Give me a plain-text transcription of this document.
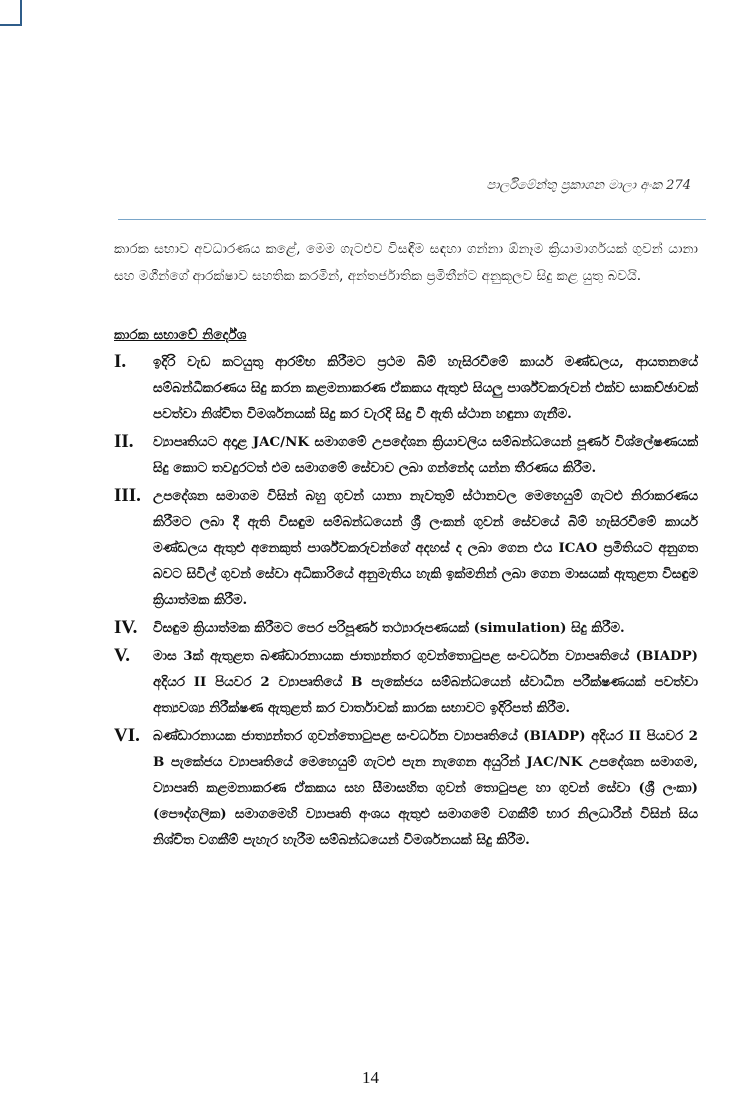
පාර්ලිමේන්තු ප්‍රකාශන මාලා අංක 274

කාරක සභාව අවධාරණය කළේ, මෙම ගැටළුව විසඳීම සඳහා ගන්නා ඕනෑම ක්‍රියාමාර්ගයක් ගුවන් යානා සහ මගීන්ගේ ආරක්ෂාව සහතික කරමින්, අන්තර්ජාතික ප්‍රමිතීන්ට අනුකූලව සිදු කළ යුතු බවයි.

කාරක සභාවේ නිර්දේශ
I.	ඉදිරි වැඩ කටයුතු ආරම්භ කිරීමට ප්‍රථම බිම් හැසිරවීමේ කාර්ය මණ්ඩලය, ආයතනයේ සම්බන්ධීකරණය සිදු කරන කළමනාකරණ ඒකකය ඇතුළු සියලු පාර්ශ්වකරුවන් එක්ව සාකච්ඡාවක් පවත්වා නිශ්චිත විමර්ශනයක් සිදු කර වැරදි සිදු වී ඇති ස්ථාන හඳුනා ගැනීම.
II.	ව්‍යාපෘතියට අදාළ JAC/NK සමාගමේ උපදේශන ක්‍රියාවලිය සම්බන්ධයෙන් පූර්ණ විශ්ලේෂණයක් සිදු කොට තවදුරටත් එම සමාගමේ සේවාව ලබා ගන්නේද යන්න තීරණය කිරීම.
III. උපදේශන සමාගම විසින් බහු ගුවන් යානා නැවතුම් ස්ථානවල මෙහෙයුම් ගැටළු නිරාකරණය කිරීමට ලබා දී ඇති විසඳුම සම්බන්ධයෙන් ශ්‍රී ලංකන් ගුවන් සේවයේ බිම් හැසිරවීමේ කාර්ය මණ්ඩලය ඇතුළු අනෙකුත් පාර්ශ්වකරුවන්ගේ අදහස් ද ලබා ගෙන එය ICAO ප්‍රමිතියට අනුගත බවට සිවිල් ගුවන් සේවා අධිකාරියේ අනුමැතිය හැකි ඉක්මනින් ලබා ගෙන මාසයක් ඇතුළත විසඳුම ක්‍රියාත්මක කිරීම.
IV.	විසඳුම ක්‍රියාත්මක කිරීමට පෙර පරිපූර්ණ තථ්‍යාරූපණයක් (simulation) සිදු කිරීම.
V.	මාස 3ක් ඇතුළත බණ්ඩාරනායක ජාත්‍යන්තර ගුවන්තොටුපළ සංවර්ධන ව්‍යාපෘතියේ (BIADP) අදියර II පියවර 2 ව්‍යාපෘතියේ B පැකේජය සම්බන්ධයෙන් ස්වාධීන පරීක්ෂණයක් පවත්වා අත්‍යවශ්‍ය නිරීක්ෂණ ඇතුළත් කර වාර්තාවක් කාරක සභාවට ඉදිරිපත් කිරීම.
VI. බණ්ඩාරනායක ජාත්‍යන්තර ගුවන්තොටුපළ සංවර්ධන ව්‍යාපෘතියේ (BIADP) අදියර II පියවර 2 B පැකේජය ව්‍යාපෘතියේ මෙහෙයුම් ගැටළු පැන නැගෙන අයුරින් JAC/NK උපදේශන සමාගම, ව්‍යාපෘති කළමනාකරණ ඒකකය සහ සීමාසහිත ගුවන් තොටුපළ හා ගුවන් සේවා (ශ්‍රී ලංකා) (පෞද්ගලික) සමාගමෙහි ව්‍යාපෘති අංශය ඇතුළු සමාගමේ වගකීම් භාර නිලධාරීන් විසින් සිය නිශ්චිත වගකීම් පැහැර හැරීම සම්බන්ධයෙන් විමර්ශනයක් සිදු කිරීම.
14
